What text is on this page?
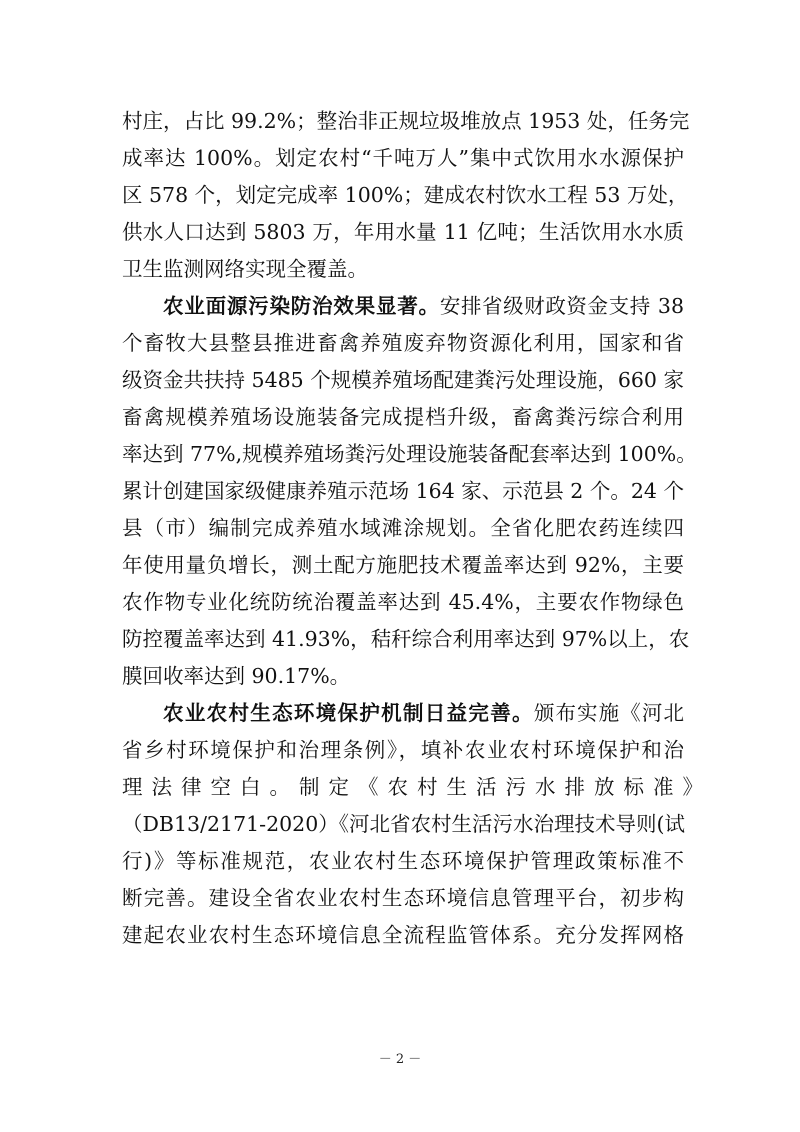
村庄，占比 99.2%；整治非正规垃圾堆放点 1953 处，任务完
成率达 100%。划定农村“千吨万人”集中式饮用水水源保护
区 578 个，划定完成率 100%；建成农村饮水工程 53 万处，
供水人口达到 5803 万，年用水量 11 亿吨；生活饮用水水质
卫生监测网络实现全覆盖。
农业面源污染防治效果显著。安排省级财政资金支持 38
个畜牧大县整县推进畜禽养殖废弃物资源化利用，国家和省
级资金共扶持 5485 个规模养殖场配建粪污处理设施，660 家
畜禽规模养殖场设施装备完成提档升级，畜禽粪污综合利用
率达到 77%,规模养殖场粪污处理设施装备配套率达到 100%。
累计创建国家级健康养殖示范场 164 家、示范县 2 个。24 个
县（市）编制完成养殖水域滩涂规划。全省化肥农药连续四
年使用量负增长，测土配方施肥技术覆盖率达到 92%，主要
农作物专业化统防统治覆盖率达到 45.4%，主要农作物绿色
防控覆盖率达到 41.93%，秸秆综合利用率达到 97%以上，农
膜回收率达到 90.17%。
农业农村生态环境保护机制日益完善。颁布实施《河北
省乡村环境保护和治理条例》，填补农业农村环境保护和治
理法律空白。制定《农村生活污水排放标准》
（DB13/2171-2020）《河北省农村生活污水治理技术导则(试
行)》等标准规范，农业农村生态环境保护管理政策标准不
断完善。建设全省农业农村生态环境信息管理平台，初步构
建起农业农村生态环境信息全流程监管体系。充分发挥网格
－ 2 －
